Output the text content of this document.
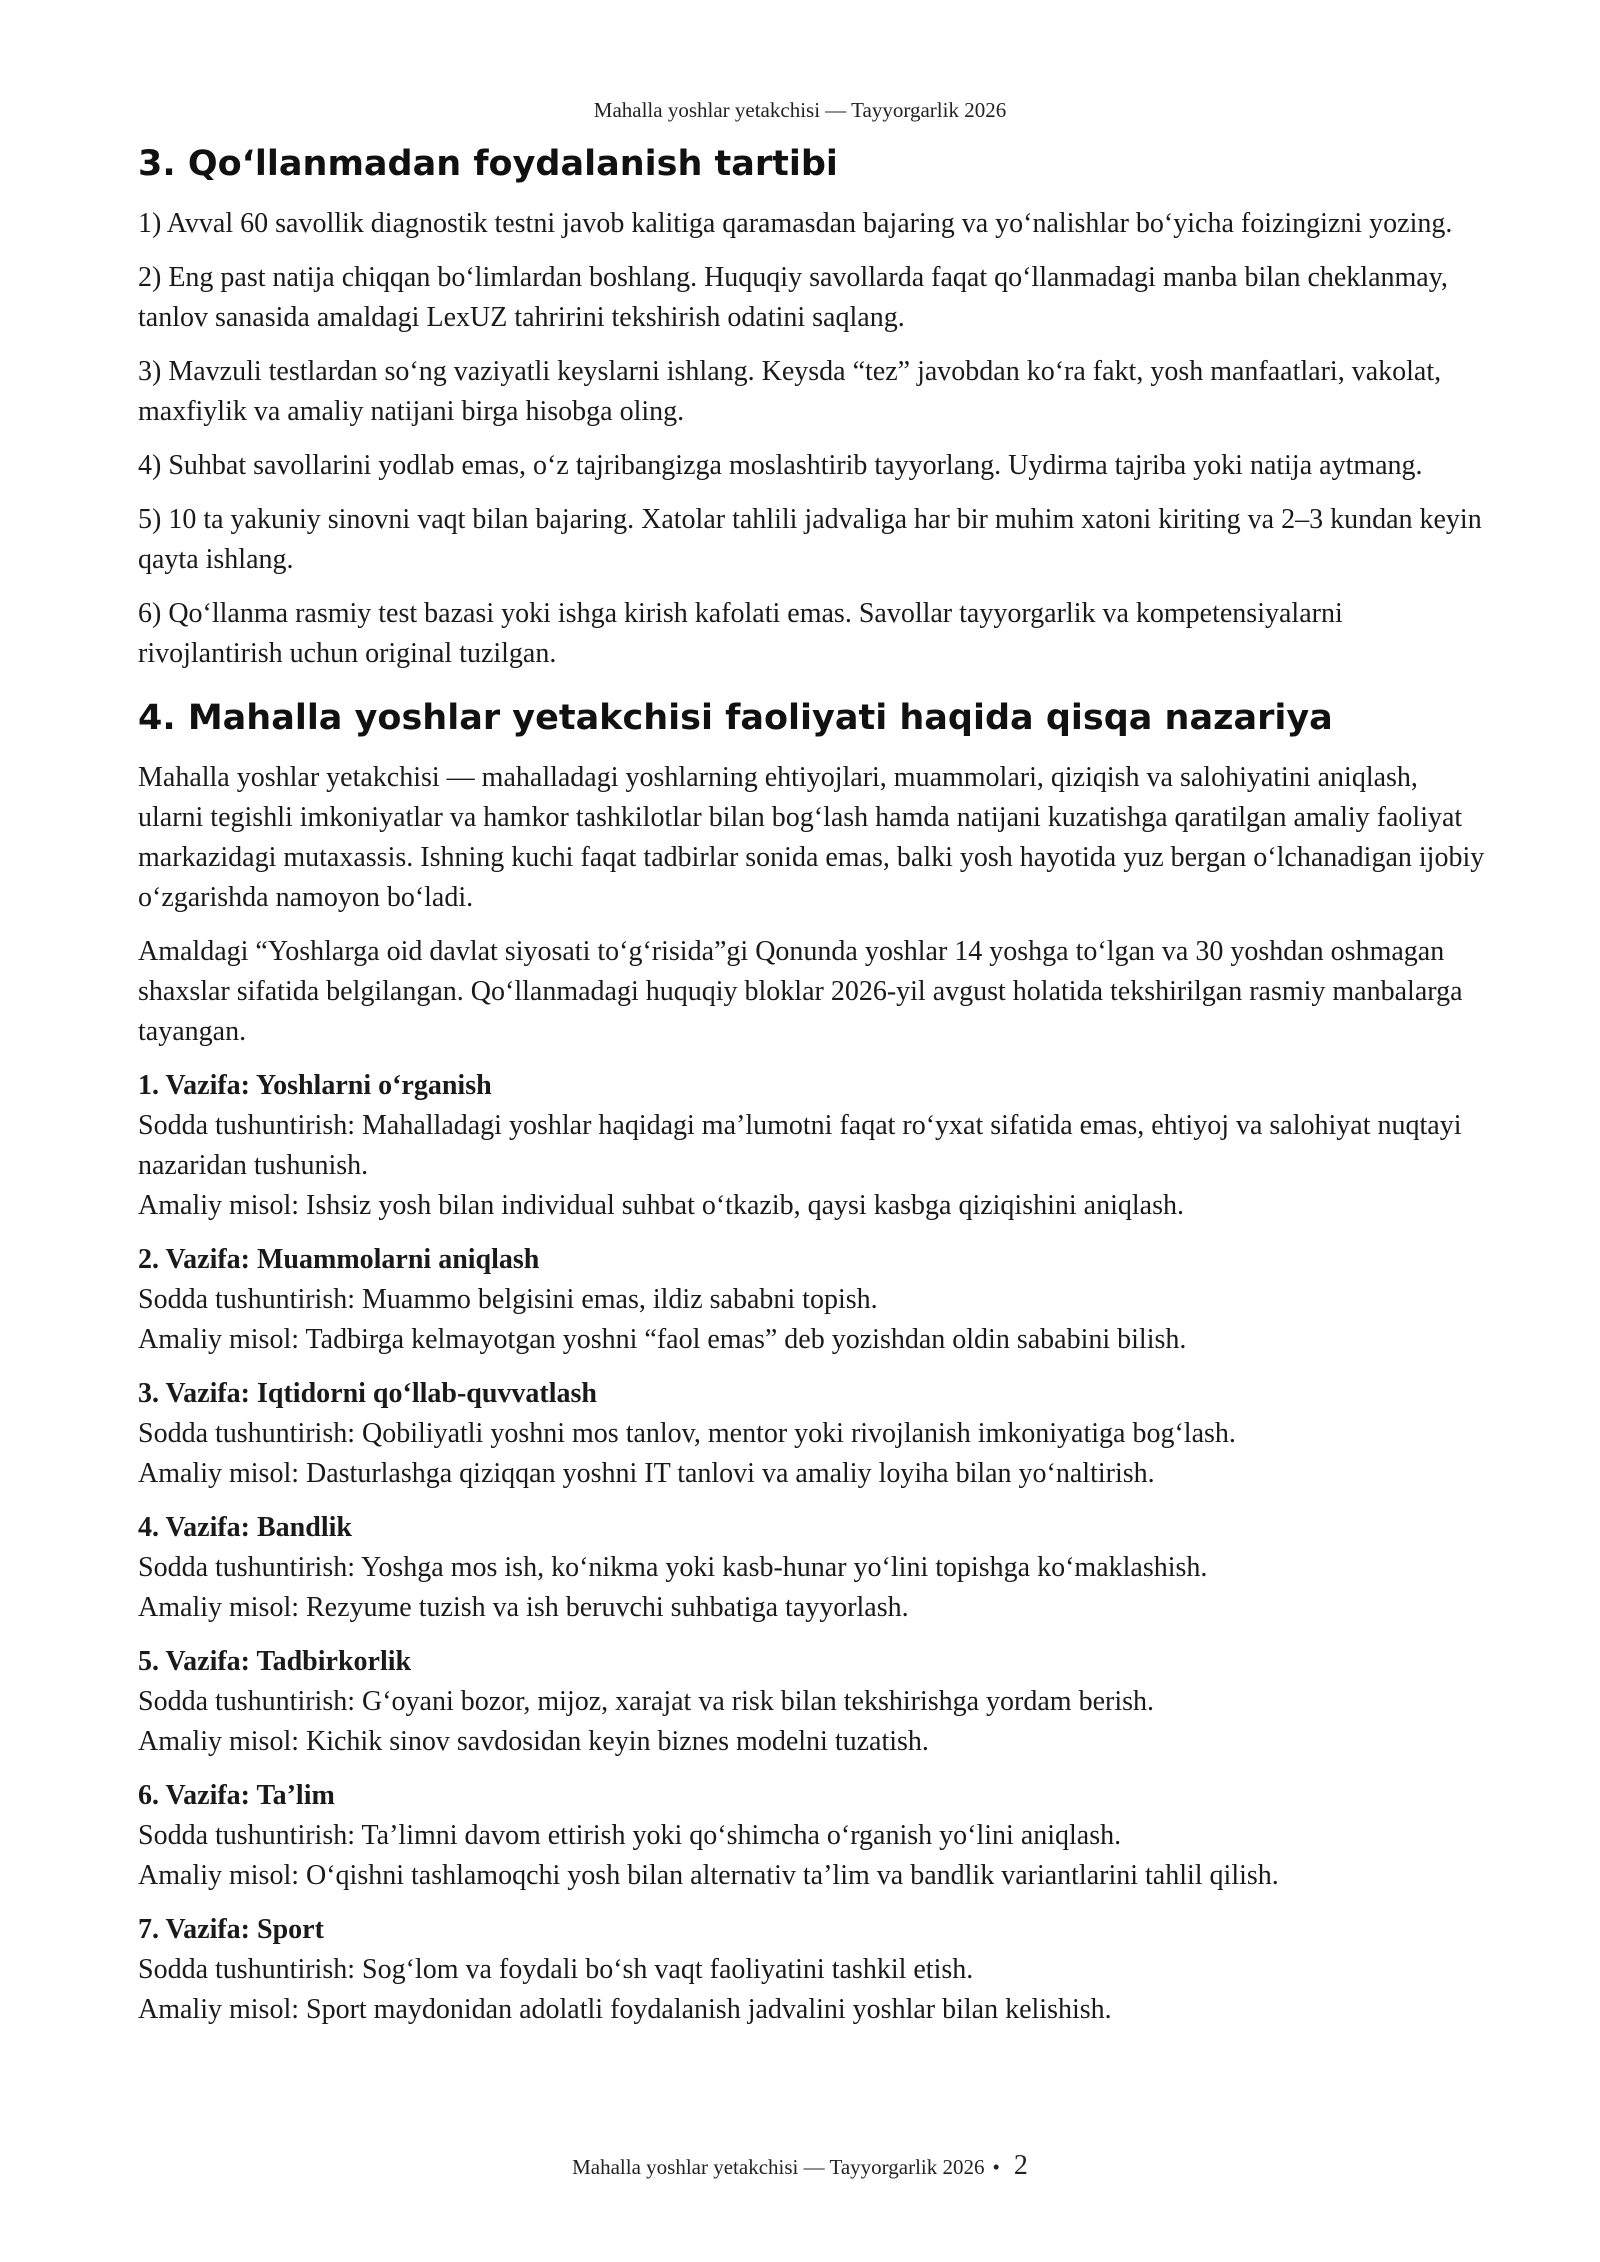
Mahalla yoshlar yetakchisi — Tayyorgarlik 2026
3. Qo‘llanmadan foydalanish tartibi

1) Avval 60 savollik diagnostik testni javob kalitiga qaramasdan bajaring va yo‘nalishlar bo‘yicha foizingizni yozing.

2) Eng past natija chiqqan bo‘limlardan boshlang. Huquqiy savollarda faqat qo‘llanmadagi manba bilan cheklanmay, tanlov sanasida amaldagi LexUZ tahririni tekshirish odatini saqlang.

3) Mavzuli testlardan so‘ng vaziyatli keyslarni ishlang. Keysda “tez” javobdan ko‘ra fakt, yosh manfaatlari, vakolat, maxfiylik va amaliy natijani birga hisobga oling.

4) Suhbat savollarini yodlab emas, o‘z tajribangizga moslashtirib tayyorlang. Uydirma tajriba yoki natija aytmang.

5) 10 ta yakuniy sinovni vaqt bilan bajaring. Xatolar tahlili jadvaliga har bir muhim xatoni kiriting va 2–3 kundan keyin qayta ishlang.

6) Qo‘llanma rasmiy test bazasi yoki ishga kirish kafolati emas. Savollar tayyorgarlik va kompetensiyalarni rivojlantirish uchun original tuzilgan.

4. Mahalla yoshlar yetakchisi faoliyati haqida qisqa nazariya

Mahalla yoshlar yetakchisi — mahalladagi yoshlarning ehtiyojlari, muammolari, qiziqish va salohiyatini aniqlash, ularni tegishli imkoniyatlar va hamkor tashkilotlar bilan bog‘lash hamda natijani kuzatishga qaratilgan amaliy faoliyat markazidagi mutaxassis. Ishning kuchi faqat tadbirlar sonida emas, balki yosh hayotida yuz bergan o‘lchanadigan ijobiy o‘zgarishda namoyon bo‘ladi.

Amaldagi “Yoshlarga oid davlat siyosati to‘g‘risida”gi Qonunda yoshlar 14 yoshga to‘lgan va 30 yoshdan oshmagan shaxslar sifatida belgilangan. Qo‘llanmadagi huquqiy bloklar 2026-yil avgust holatida tekshirilgan rasmiy manbalarga tayangan.

1. Vazifa: Yoshlarni o‘rganish
Sodda tushuntirish: Mahalladagi yoshlar haqidagi ma’lumotni faqat ro‘yxat sifatida emas, ehtiyoj va salohiyat nuqtayi nazaridan tushunish.
Amaliy misol: Ishsiz yosh bilan individual suhbat o‘tkazib, qaysi kasbga qiziqishini aniqlash.
2. Vazifa: Muammolarni aniqlash
Sodda tushuntirish: Muammo belgisini emas, ildiz sababni topish.
Amaliy misol: Tadbirga kelmayotgan yoshni “faol emas” deb yozishdan oldin sababini bilish.
3. Vazifa: Iqtidorni qo‘llab-quvvatlash
Sodda tushuntirish: Qobiliyatli yoshni mos tanlov, mentor yoki rivojlanish imkoniyatiga bog‘lash.
Amaliy misol: Dasturlashga qiziqqan yoshni IT tanlovi va amaliy loyiha bilan yo‘naltirish.
4. Vazifa: Bandlik
Sodda tushuntirish: Yoshga mos ish, ko‘nikma yoki kasb-hunar yo‘lini topishga ko‘maklashish.
Amaliy misol: Rezyume tuzish va ish beruvchi suhbatiga tayyorlash.
5. Vazifa: Tadbirkorlik
Sodda tushuntirish: G‘oyani bozor, mijoz, xarajat va risk bilan tekshirishga yordam berish.
Amaliy misol: Kichik sinov savdosidan keyin biznes modelni tuzatish.
6. Vazifa: Ta’lim
Sodda tushuntirish: Ta’limni davom ettirish yoki qo‘shimcha o‘rganish yo‘lini aniqlash.
Amaliy misol: O‘qishni tashlamoqchi yosh bilan alternativ ta’lim va bandlik variantlarini tahlil qilish.
7. Vazifa: Sport
Sodda tushuntirish: Sog‘lom va foydali bo‘sh vaqt faoliyatini tashkil etish.
Amaliy misol: Sport maydonidan adolatli foydalanish jadvalini yoshlar bilan kelishish.
Mahalla yoshlar yetakchisi — Tayyorgarlik 2026 • 2
